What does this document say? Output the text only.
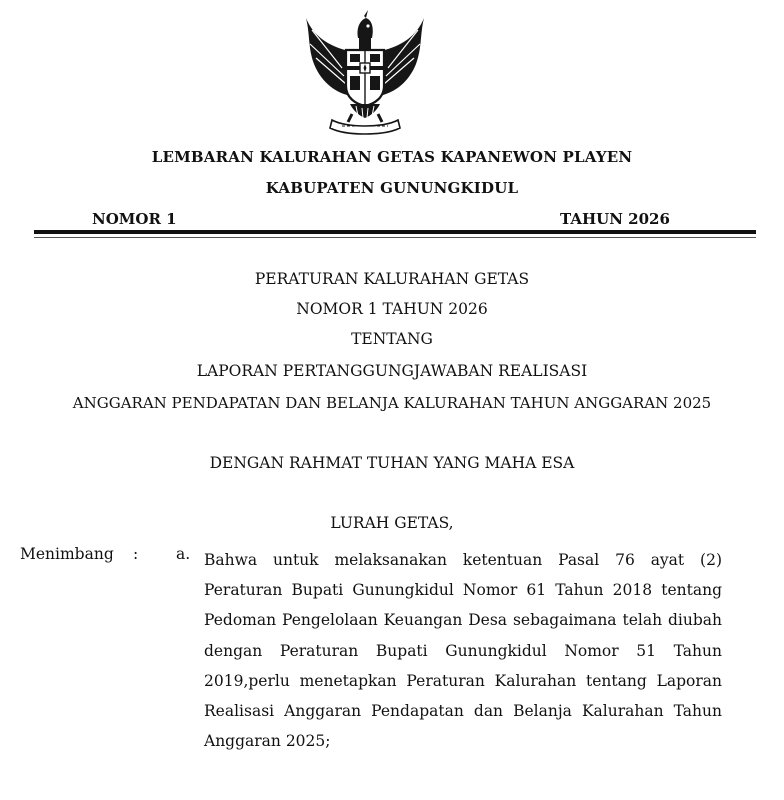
LEMBARAN KALURAHAN GETAS KAPANEWON PLAYEN
KABUPATEN GUNUNGKIDUL
NOMOR 1	TAHUN 2026
PERATURAN KALURAHAN GETAS
NOMOR 1 TAHUN 2026
TENTANG
LAPORAN PERTANGGUNGJAWABAN REALISASI
ANGGARAN PENDAPATAN DAN BELANJA KALURAHAN TAHUN ANGGARAN 2025
DENGAN RAHMAT TUHAN YANG MAHA ESA
LURAH GETAS,
Menimbang : a. Bahwa untuk melaksanakan ketentuan Pasal 76 ayat (2) Peraturan Bupati Gunungkidul Nomor 61 Tahun 2018 tentang Pedoman Pengelolaan Keuangan Desa sebagaimana telah diubah dengan Peraturan Bupati Gunungkidul Nomor 51 Tahun 2019,perlu menetapkan Peraturan Kalurahan tentang Laporan Realisasi Anggaran Pendapatan dan Belanja Kalurahan Tahun Anggaran 2025;
